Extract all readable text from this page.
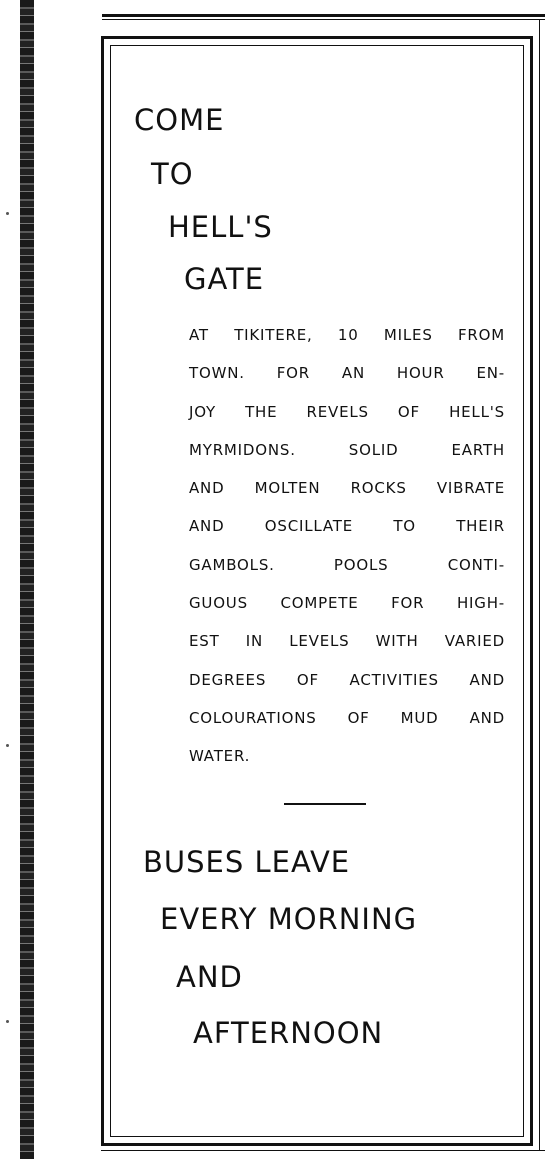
COME
TO
HELL'S
GATE
AT TIKITERE, 10 MILES FROM
TOWN. FOR AN HOUR EN-
JOY THE REVELS OF HELL'S
MYRMIDONS. SOLID EARTH
AND MOLTEN ROCKS VIBRATE
AND OSCILLATE TO THEIR
GAMBOLS. POOLS CONTI-
GUOUS COMPETE FOR HIGH-
EST IN LEVELS WITH VARIED
DEGREES OF ACTIVITIES AND
COLOURATIONS OF MUD AND
WATER.
BUSES LEAVE
EVERY MORNING
AND
AFTERNOON
